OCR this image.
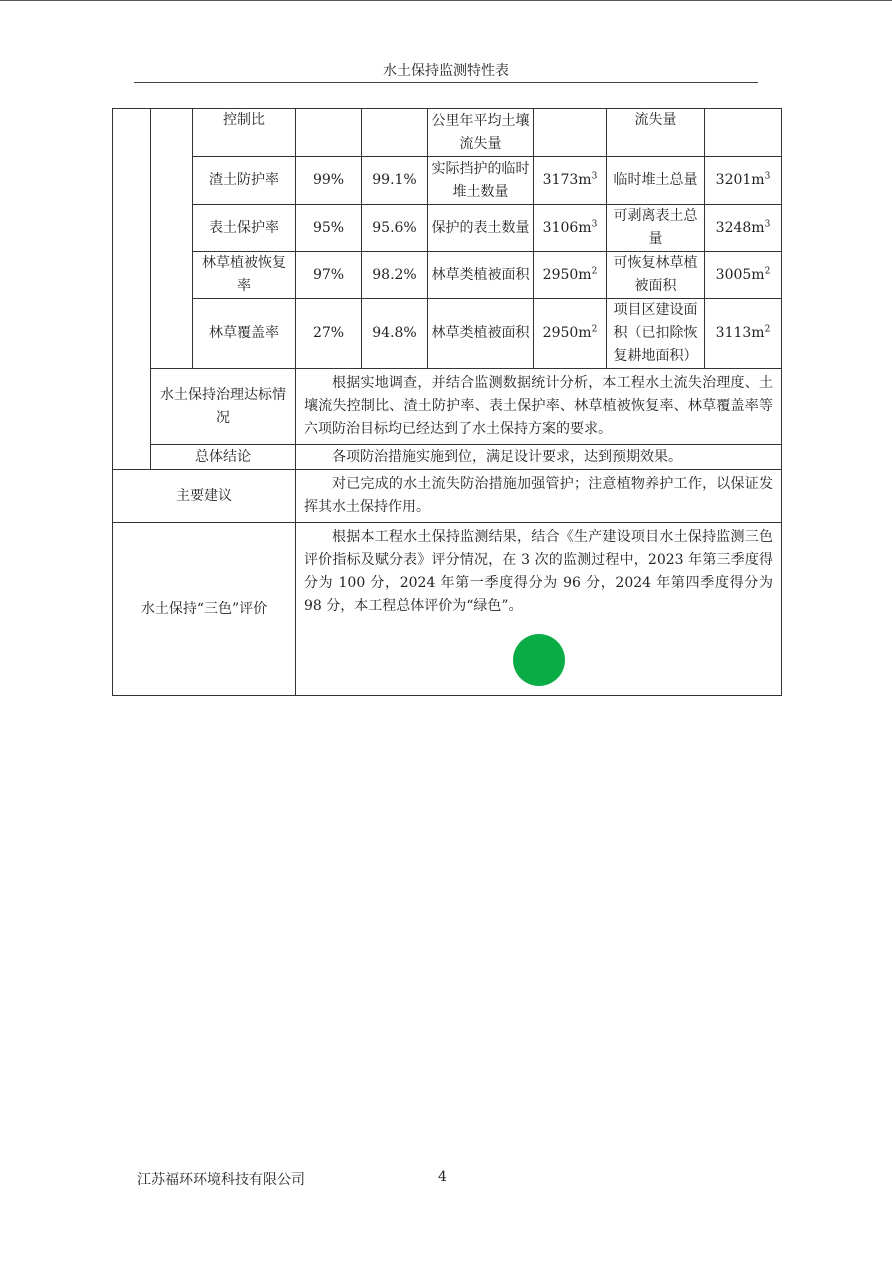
水土保持监测特性表
		控制比			公里年平均土壤流失量		流失量	
		渣土防护率	99%	99.1%	实际挡护的临时堆土数量	$3173m^3$	临时堆土总量	$3201m^3$
		表土保护率	95%	95.6%	保护的表土数量	$3106m^3$	可剥离表土总量	$3248m^3$
		林草植被恢复率	97%	98.2%	林草类植被面积	$2950m^2$	可恢复林草植被面积	$3005m^2$
		林草覆盖率	27%	94.8%	林草类植被面积	$2950m^2$	项目区建设面积（已扣除恢复耕地面积）	$3113m^2$
	水土保持治理达标情况		根据实地调查，并结合监测数据统计分析，本工程水土流失治理度、土壤流失控制比、渣土防护率、表土保护率、林草植被恢复率、林草覆盖率等六项防治目标均已经达到了水土保持方案的要求。					
	总体结论		各项防治措施实施到位，满足设计要求，达到预期效果。					
主要建议			对已完成的水土流失防治措施加强管护；注意植物养护工作，以保证发挥其水土保持作用。					
水土保持“三色”评价			根据本工程水土保持监测结果，结合《生产建设项目水土保持监测三色评价指标及赋分表》评分情况，在 3 次的监测过程中，2023 年第三季度得分为 100 分，2024 年第一季度得分为 96 分，2024 年第四季度得分为 98 分，本工程总体评价为“绿色”。					
江苏福环环境科技有限公司	4
